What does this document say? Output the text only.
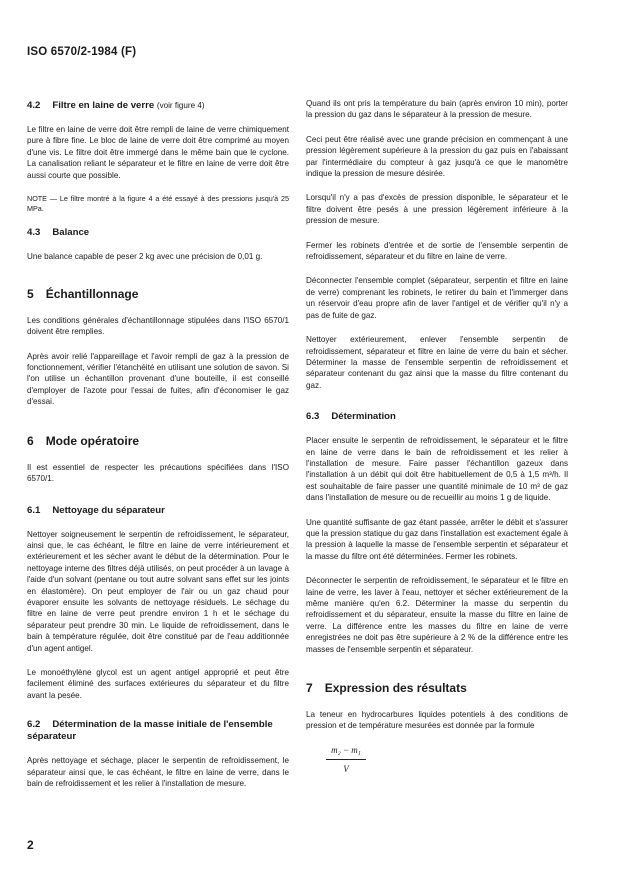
ISO 6570/2-1984 (F)
4.2 Filtre en laine de verre (voir figure 4)

Le filtre en laine de verre doit être rempli de laine de verre chimiquement pure à fibre fine. Le bloc de laine de verre doit être comprimé au moyen d'une vis. Le filtre doit être immergé dans le même bain que le cyclone. La canalisation reliant le séparateur et le filtre en laine de verre doit être aussi courte que possible.

NOTE — Le filtre montré à la figure 4 a été essayé à des pressions jusqu'à 25 MPa.

4.3 Balance

Une balance capable de peser 2 kg avec une précision de 0,01 g.

5 Échantillonnage

Les conditions générales d'échantillonnage stipulées dans l'ISO 6570/1 doivent être remplies.

Après avoir relié l'appareillage et l'avoir rempli de gaz à la pression de fonctionnement, vérifier l'étanchéité en utilisant une solution de savon. Si l'on utilise un échantillon provenant d'une bouteille, il est conseillé d'employer de l'azote pour l'essai de fuites, afin d'économiser le gaz d'essai.

6 Mode opératoire

Il est essentiel de respecter les précautions spécifiées dans l'ISO 6570/1.

6.1 Nettoyage du séparateur

Nettoyer soigneusement le serpentin de refroidissement, le séparateur, ainsi que, le cas échéant, le filtre en laine de verre intérieurement et extérieurement et les sécher avant le début de la détermination. Pour le nettoyage interne des filtres déjà utilisés, on peut procéder à un lavage à l'aide d'un solvant (pentane ou tout autre solvant sans effet sur les joints en élastomère). On peut employer de l'air ou un gaz chaud pour évaporer ensuite les solvants de nettoyage résiduels. Le séchage du filtre en laine de verre peut prendre environ 1 h et le séchage du séparateur peut prendre 30 min. Le liquide de refroidissement, dans le bain à température régulée, doit être constitué par de l'eau additionnée d'un agent antigel.

Le monoéthylène glycol est un agent antigel approprié et peut être facilement éliminé des surfaces extérieures du séparateur et du filtre avant la pesée.

6.2 Détermination de la masse initiale de l'ensemble séparateur

Après nettoyage et séchage, placer le serpentin de refroidissement, le séparateur ainsi que, le cas échéant, le filtre en laine de verre, dans le bain de refroidissement et les relier à l'installation de mesure.

Quand ils ont pris la température du bain (après environ 10 min), porter la pression du gaz dans le séparateur à la pression de mesure.

Ceci peut être réalisé avec une grande précision en commençant à une pression légèrement supérieure à la pression du gaz puis en l'abaissant par l'intermédiaire du compteur à gaz jusqu'à ce que le manomètre indique la pression de mesure désirée.

Lorsqu'il n'y a pas d'excès de pression disponible, le séparateur et le filtre doivent être pesés à une pression légèrement inférieure à la pression de mesure.

Fermer les robinets d'entrée et de sortie de l'ensemble serpentin de refroidissement, séparateur et du filtre en laine de verre.

Déconnecter l'ensemble complet (séparateur, serpentin et filtre en laine de verre) comprenant les robinets, le retirer du bain et l'immerger dans un réservoir d'eau propre afin de laver l'antigel et de vérifier qu'il n'y a pas de fuite de gaz.

Nettoyer extérieurement, enlever l'ensemble serpentin de refroidissement, séparateur et filtre en laine de verre du bain et sécher. Déterminer la masse de l'ensemble serpentin de refroidissement et séparateur contenant du gaz ainsi que la masse du filtre contenant du gaz.

6.3 Détermination

Placer ensuite le serpentin de refroidissement, le séparateur et le filtre en laine de verre dans le bain de refroidissement et les relier à l'installation de mesure. Faire passer l'échantillon gazeux dans l'installation à un débit qui doit être habituellement de 0,5 à 1,5 m³/h. Il est souhaitable de faire passer une quantité minimale de 10 m³ de gaz dans l'installation de mesure ou de recueillir au moins 1 g de liquide.

Une quantité suffisante de gaz étant passée, arrêter le débit et s'assurer que la pression statique du gaz dans l'installation est exactement égale à la pression à laquelle la masse de l'ensemble serpentin et séparateur et la masse du filtre ont été déterminées. Fermer les robinets.

Déconnecter le serpentin de refroidissement, le séparateur et le filtre en laine de verre, les laver à l'eau, nettoyer et sécher extérieurement de la même manière qu'en 6.2. Déterminer la masse du serpentin du refroidissement et du séparateur, ensuite la masse du filtre en laine de verre. La différence entre les masses du filtre en laine de verre enregistrées ne doit pas être supérieure à 2 % de la différence entre les masses de l'ensemble serpentin et séparateur.

7 Expression des résultats

La teneur en hydrocarbures liquides potentiels à des conditions de pression et de température mesurées est donnée par la formule

m₂ − m₁
V
2
